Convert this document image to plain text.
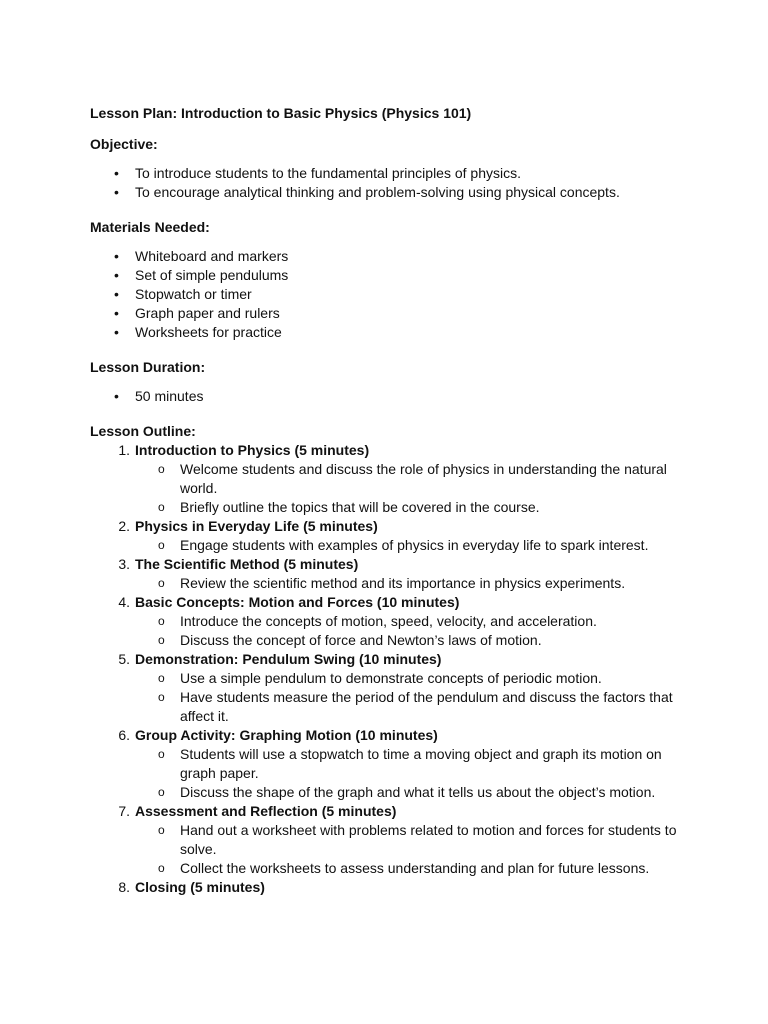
Lesson Plan: Introduction to Basic Physics (Physics 101)
Objective:
• To introduce students to the fundamental principles of physics.
• To encourage analytical thinking and problem-solving using physical concepts.
Materials Needed:
• Whiteboard and markers
• Set of simple pendulums
• Stopwatch or timer
• Graph paper and rulers
• Worksheets for practice
Lesson Duration:
• 50 minutes
Lesson Outline:
1. Introduction to Physics (5 minutes)
o Welcome students and discuss the role of physics in understanding the natural world.
o Briefly outline the topics that will be covered in the course.
2. Physics in Everyday Life (5 minutes)
o Engage students with examples of physics in everyday life to spark interest.
3. The Scientific Method (5 minutes)
o Review the scientific method and its importance in physics experiments.
4. Basic Concepts: Motion and Forces (10 minutes)
o Introduce the concepts of motion, speed, velocity, and acceleration.
o Discuss the concept of force and Newton’s laws of motion.
5. Demonstration: Pendulum Swing (10 minutes)
o Use a simple pendulum to demonstrate concepts of periodic motion.
o Have students measure the period of the pendulum and discuss the factors that affect it.
6. Group Activity: Graphing Motion (10 minutes)
o Students will use a stopwatch to time a moving object and graph its motion on graph paper.
o Discuss the shape of the graph and what it tells us about the object’s motion.
7. Assessment and Reflection (5 minutes)
o Hand out a worksheet with problems related to motion and forces for students to solve.
o Collect the worksheets to assess understanding and plan for future lessons.
8. Closing (5 minutes)
